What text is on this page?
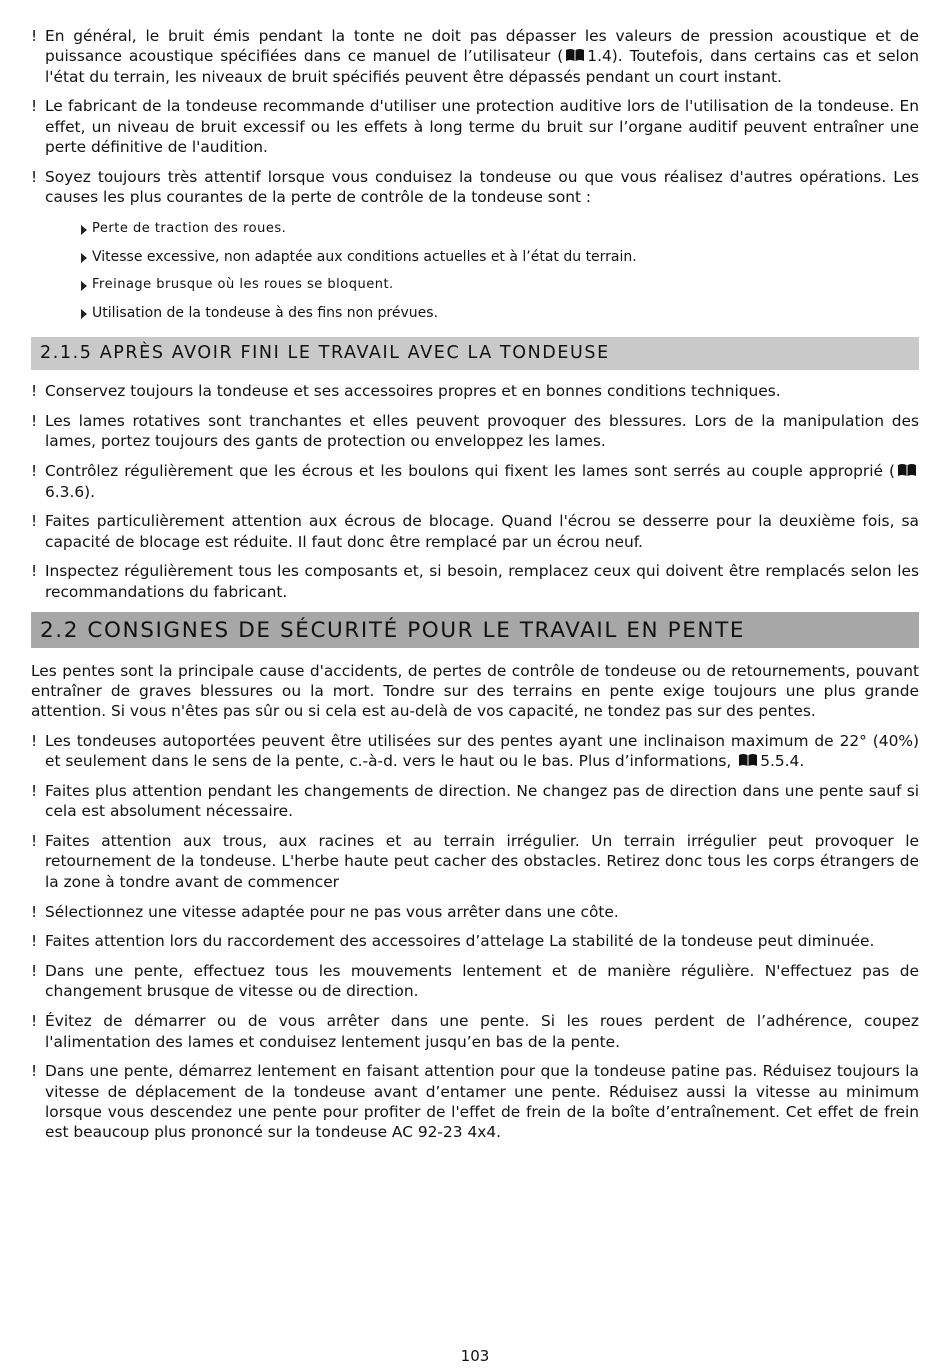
! En général, le bruit émis pendant la tonte ne doit pas dépasser les valeurs de pression acoustique et de puissance acoustique spécifiées dans ce manuel de l’utilisateur ( 1.4). Toutefois, dans certains cas et selon l'état du terrain, les niveaux de bruit spécifiés peuvent être dépassés pendant un court instant.

! Le fabricant de la tondeuse recommande d'utiliser une protection auditive lors de l'utilisation de la tondeuse. En effet, un niveau de bruit excessif ou les effets à long terme du bruit sur l’organe auditif peuvent entraîner une perte définitive de l'audition.

! Soyez toujours très attentif lorsque vous conduisez la tondeuse ou que vous réalisez d'autres opérations. Les causes les plus courantes de la perte de contrôle de la tondeuse sont :

Perte de traction des roues.
Vitesse excessive, non adaptée aux conditions actuelles et à l’état du terrain.
Freinage brusque où les roues se bloquent.
Utilisation de la tondeuse à des fins non prévues.
2.1.5 APRÈS AVOIR FINI LE TRAVAIL AVEC LA TONDEUSE

! Conservez toujours la tondeuse et ses accessoires propres et en bonnes conditions techniques.

! Les lames rotatives sont tranchantes et elles peuvent provoquer des blessures. Lors de la manipulation des lames, portez toujours des gants de protection ou enveloppez les lames.

! Contrôlez régulièrement que les écrous et les boulons qui fixent les lames sont serrés au couple approprié (6.3.6).

! Faites particulièrement attention aux écrous de blocage. Quand l'écrou se desserre pour la deuxième fois, sa capacité de blocage est réduite. Il faut donc être remplacé par un écrou neuf.

! Inspectez régulièrement tous les composants et, si besoin, remplacez ceux qui doivent être remplacés selon les recommandations du fabricant.

2.2 CONSIGNES DE SÉCURITÉ POUR LE TRAVAIL EN PENTE

Les pentes sont la principale cause d'accidents, de pertes de contrôle de tondeuse ou de retournements, pouvant entraîner de graves blessures ou la mort. Tondre sur des terrains en pente exige toujours une plus grande attention. Si vous n'êtes pas sûr ou si cela est au-delà de vos capacité, ne tondez pas sur des pentes.

! Les tondeuses autoportées peuvent être utilisées sur des pentes ayant une inclinaison maximum de 22° (40%) et seulement dans le sens de la pente, c.-à-d. vers le haut ou le bas. Plus d’informations, 5.5.4.

! Faites plus attention pendant les changements de direction. Ne changez pas de direction dans une pente sauf si cela est absolument nécessaire.

! Faites attention aux trous, aux racines et au terrain irrégulier. Un terrain irrégulier peut provoquer le retournement de la tondeuse. L'herbe haute peut cacher des obstacles. Retirez donc tous les corps étrangers de la zone à tondre avant de commencer

! Sélectionnez une vitesse adaptée pour ne pas vous arrêter dans une côte.

! Faites attention lors du raccordement des accessoires d’attelage La stabilité de la tondeuse peut diminuée.

! Dans une pente, effectuez tous les mouvements lentement et de manière régulière. N'effectuez pas de changement brusque de vitesse ou de direction.

! Évitez de démarrer ou de vous arrêter dans une pente. Si les roues perdent de l’adhérence, coupez l'alimentation des lames et conduisez lentement jusqu’en bas de la pente.

! Dans une pente, démarrez lentement en faisant attention pour que la tondeuse patine pas. Réduisez toujours la vitesse de déplacement de la tondeuse avant d’entamer une pente. Réduisez aussi la vitesse au minimum lorsque vous descendez une pente pour profiter de l'effet de frein de la boîte d’entraînement. Cet effet de frein est beaucoup plus prononcé sur la tondeuse AC 92-23 4x4.

103
